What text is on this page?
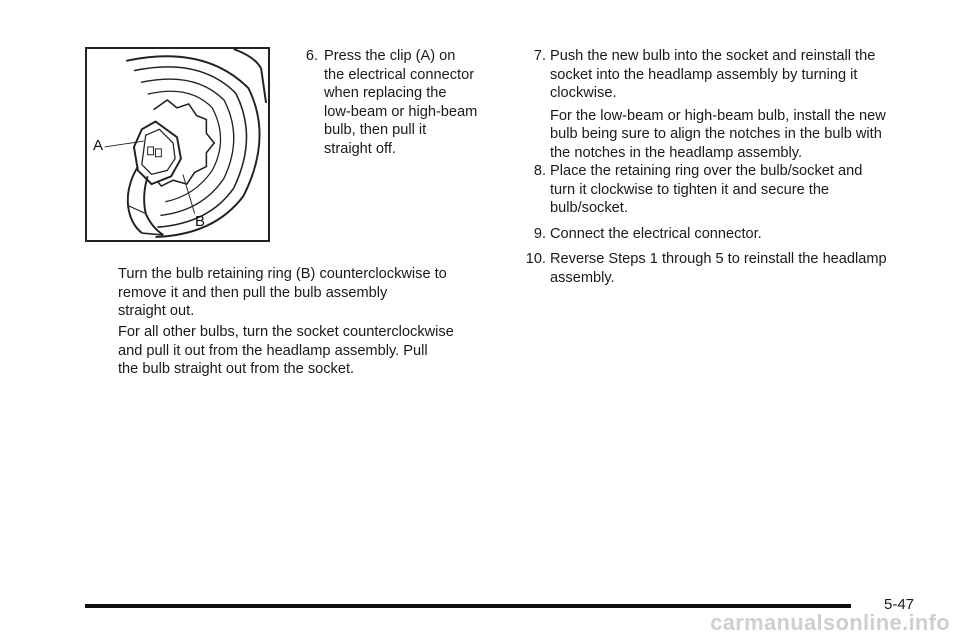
A
B
6. Press the clip (A) on

the electrical connector

when replacing the

low-beam or high-beam

bulb, then pull it

straight off.

Turn the bulb retaining ring (B) counterclockwise to
remove it and then pull the bulb assembly
straight out.
For all other bulbs, turn the socket counterclockwise
and pull it out from the headlamp assembly. Pull
the bulb straight out from the socket.
7. Push the new bulb into the socket and reinstall the

socket into the headlamp assembly by turning it

clockwise.

For the low-beam or high-beam bulb, install the new

bulb being sure to align the notches in the bulb with

the notches in the headlamp assembly.

8. Place the retaining ring over the bulb/socket and

turn it clockwise to tighten it and secure the

bulb/socket.

9. Connect the electrical connector.

10. Reverse Steps 1 through 5 to reinstall the headlamp

assembly.

5-47
carmanualsonline.info
